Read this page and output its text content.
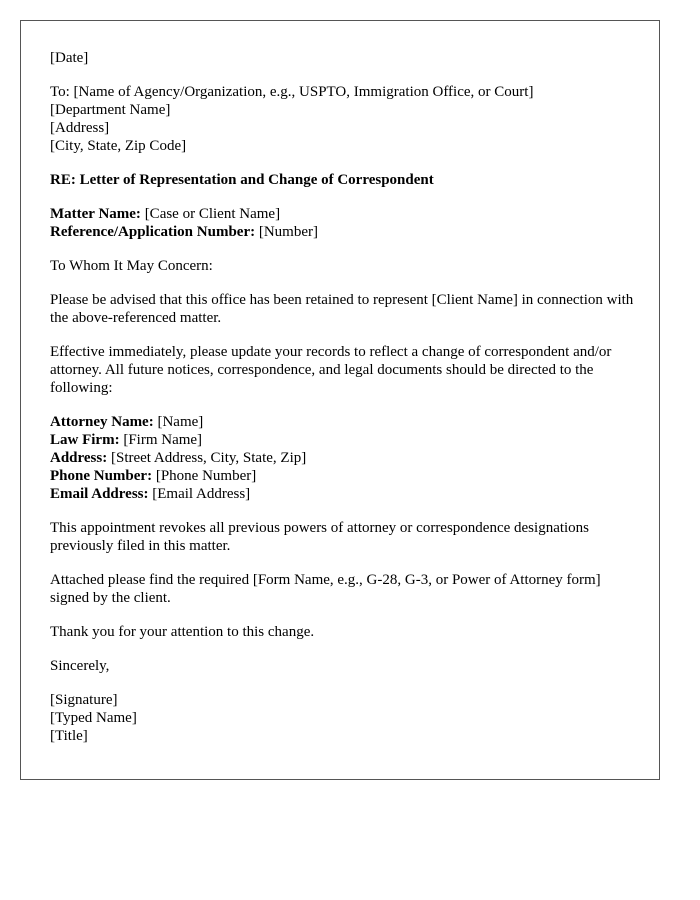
[Date]
To: [Name of Agency/Organization, e.g., USPTO, Immigration Office, or Court]
[Department Name]
[Address]
[City, State, Zip Code]
RE: Letter of Representation and Change of Correspondent
Matter Name: [Case or Client Name]
Reference/Application Number: [Number]
To Whom It May Concern:
Please be advised that this office has been retained to represent [Client Name] in connection with the above-referenced matter.
Effective immediately, please update your records to reflect a change of correspondent and/or attorney. All future notices, correspondence, and legal documents should be directed to the following:
Attorney Name: [Name]
Law Firm: [Firm Name]
Address: [Street Address, City, State, Zip]
Phone Number: [Phone Number]
Email Address: [Email Address]
This appointment revokes all previous powers of attorney or correspondence designations previously filed in this matter.
Attached please find the required [Form Name, e.g., G-28, G-3, or Power of Attorney form] signed by the client.
Thank you for your attention to this change.
Sincerely,
[Signature]
[Typed Name]
[Title]
